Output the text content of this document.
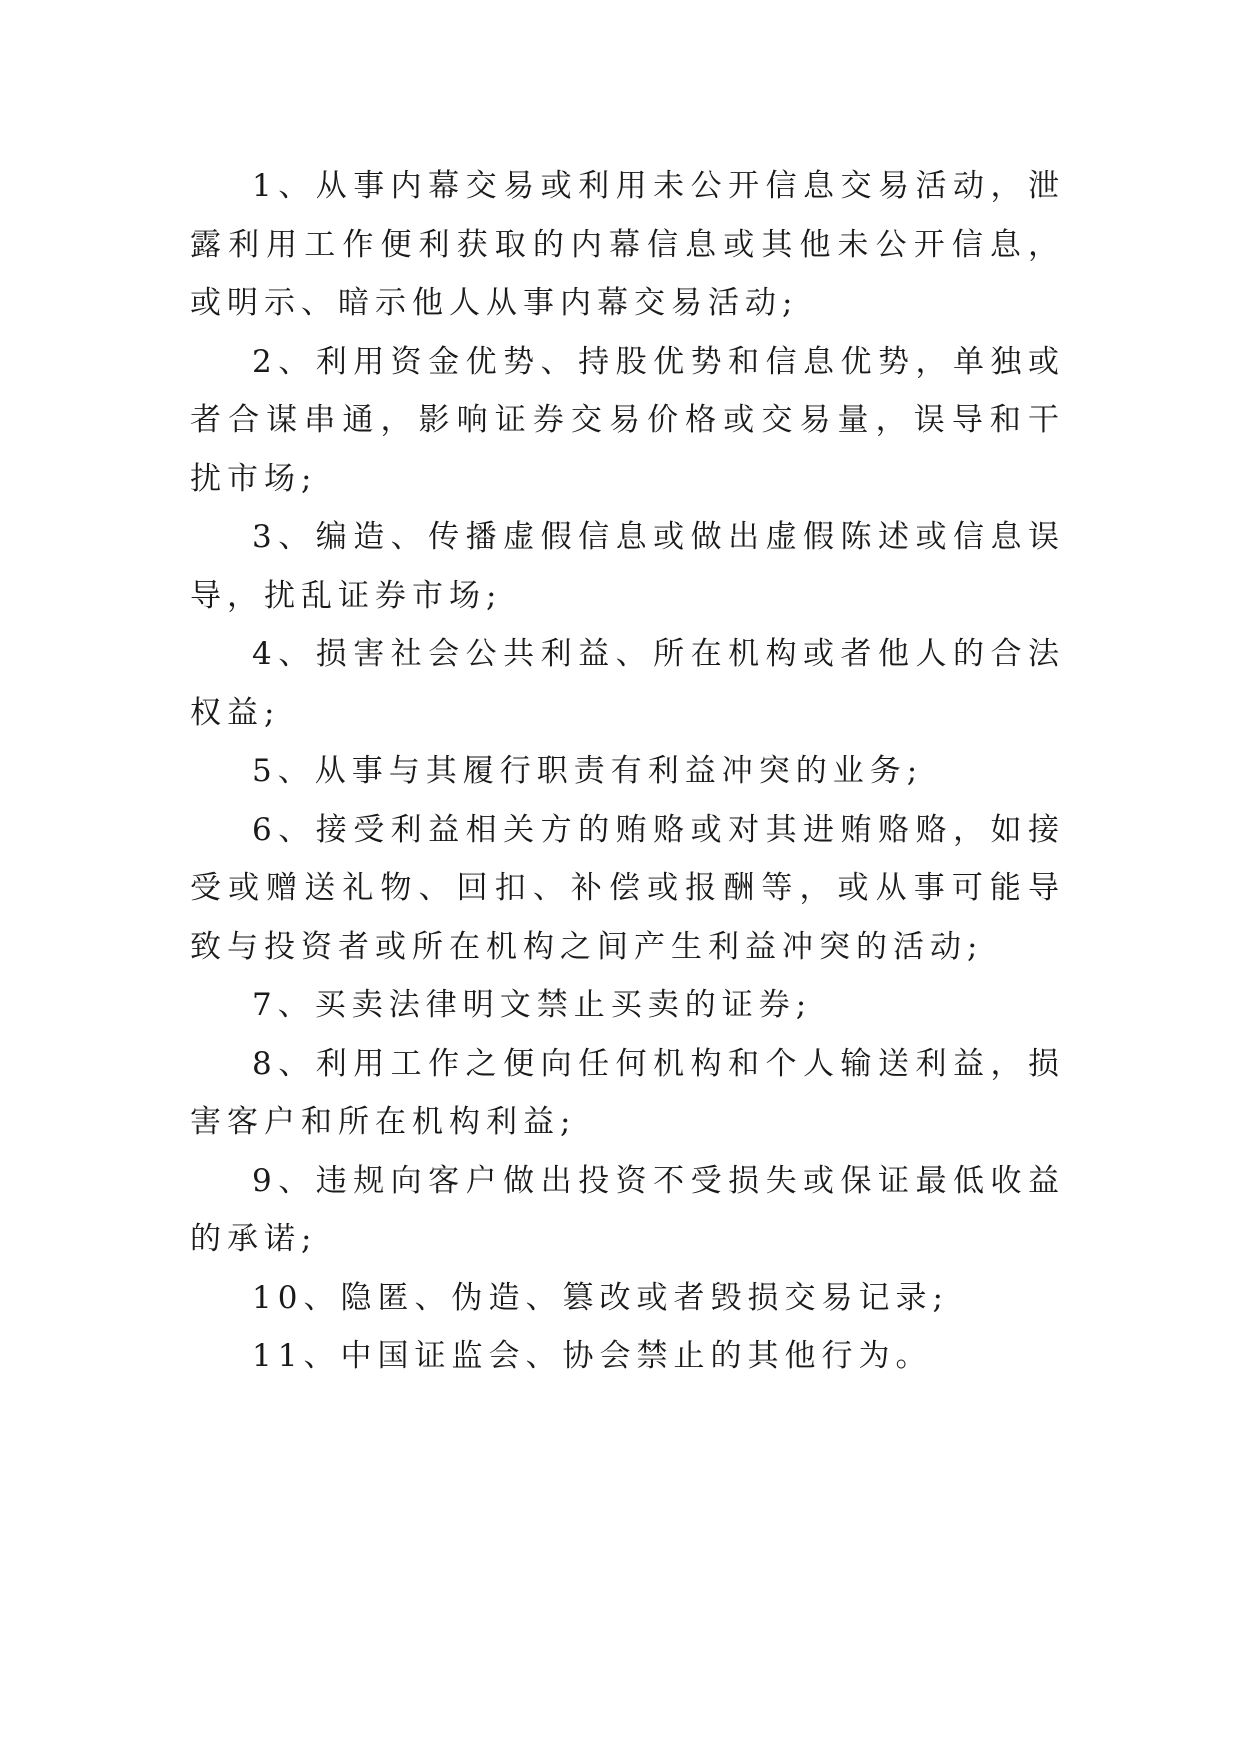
1、从事内幕交易或利用未公开信息交易活动，泄露利用工作便利获取的内幕信息或其他未公开信息，或明示、暗示他人从事内幕交易活动;

2、利用资金优势、持股优势和信息优势，单独或者合谋串通，影响证券交易价格或交易量，误导和干扰市场;

3、编造、传播虚假信息或做出虚假陈述或信息误导，扰乱证券市场;

4、损害社会公共利益、所在机构或者他人的合法权益;

5、从事与其履行职责有利益冲突的业务;

6、接受利益相关方的贿赂或对其进贿赂赂，如接受或赠送礼物、回扣、补偿或报酬等，或从事可能导致与投资者或所在机构之间产生利益冲突的活动;

7、买卖法律明文禁止买卖的证券;

8、利用工作之便向任何机构和个人输送利益，损害客户和所在机构利益;

9、违规向客户做出投资不受损失或保证最低收益的承诺;

10、隐匿、伪造、篡改或者毁损交易记录;

11、中国证监会、协会禁止的其他行为。
